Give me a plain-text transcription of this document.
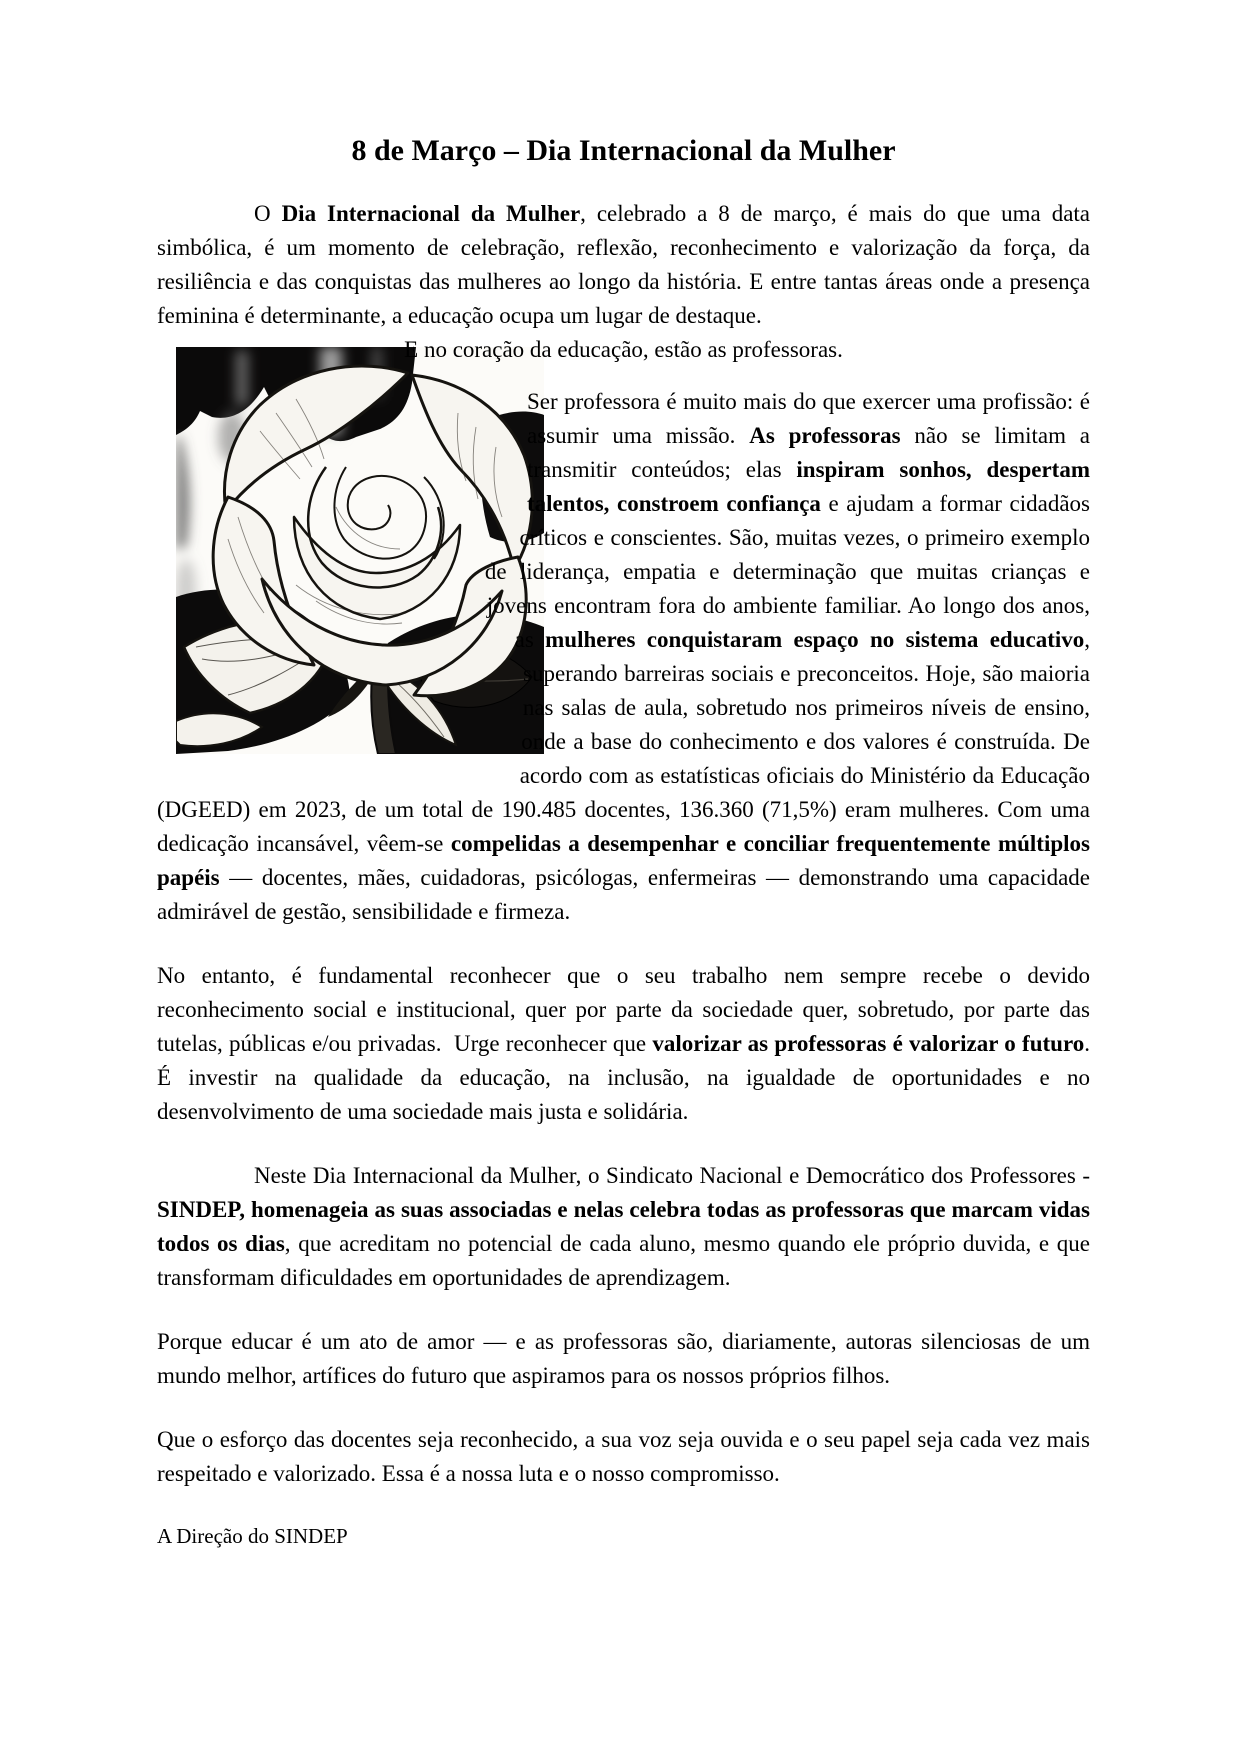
8 de Março – Dia Internacional da Mulher

O Dia Internacional da Mulher, celebrado a 8 de março, é mais do que uma data simbólica, é um momento de celebração, reflexão, reconhecimento e valorização da força, da resiliência e das conquistas das mulheres ao longo da história. E entre tantas áreas onde a presença feminina é determinante, a educação ocupa um lugar de destaque.

E no coração da educação, estão as professoras.

Ser professora é muito mais do que exercer uma profissão: é assumir uma missão. As professoras não se limitam a transmitir conteúdos; elas inspiram sonhos, despertam talentos, constroem confiança e ajudam a formar cidadãos críticos e conscientes. São, muitas vezes, o primeiro exemplo de liderança, empatia e determinação que muitas crianças e jovens encontram fora do ambiente familiar. Ao longo dos anos, as mulheres conquistaram espaço no sistema educativo, superando barreiras sociais e preconceitos. Hoje, são maioria nas salas de aula, sobretudo nos primeiros níveis de ensino, onde a base do conhecimento e dos valores é construída. De acordo com as estatísticas oficiais do Ministério da Educação (DGEED) em 2023, de um total de 190.485 docentes, 136.360 (71,5%) eram mulheres. Com uma dedicação incansável, vêem-se compelidas a desempenhar e conciliar frequentemente múltiplos papéis — docentes, mães, cuidadoras, psicólogas, enfermeiras — demonstrando uma capacidade admirável de gestão, sensibilidade e firmeza.

No entanto, é fundamental reconhecer que o seu trabalho nem sempre recebe o devido reconhecimento social e institucional, quer por parte da sociedade quer, sobretudo, por parte das tutelas, públicas e/ou privadas.  Urge reconhecer que valorizar as professoras é valorizar o futuro. É investir na qualidade da educação, na inclusão, na igualdade de oportunidades e no desenvolvimento de uma sociedade mais justa e solidária.

Neste Dia Internacional da Mulher, o Sindicato Nacional e Democrático dos Professores - SINDEP, homenageia as suas associadas e nelas celebra todas as professoras que marcam vidas todos os dias, que acreditam no potencial de cada aluno, mesmo quando ele próprio duvida, e que transformam dificuldades em oportunidades de aprendizagem.

Porque educar é um ato de amor — e as professoras são, diariamente, autoras silenciosas de um mundo melhor, artífices do futuro que aspiramos para os nossos próprios filhos.

Que o esforço das docentes seja reconhecido, a sua voz seja ouvida e o seu papel seja cada vez mais respeitado e valorizado. Essa é a nossa luta e o nosso compromisso.

A Direção do SINDEP
